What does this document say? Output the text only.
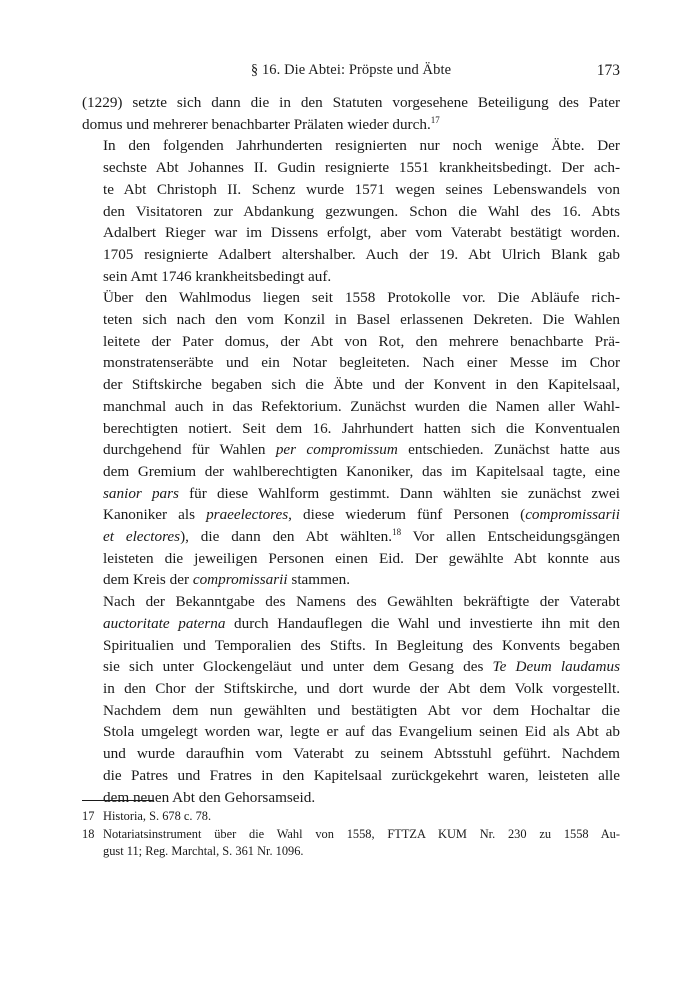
§ 16. Die Abtei: Pröpste und Äbte	173

(1229) setzte sich dann die in den Statuten vorgesehene Beteiligung des Pater
domus und mehrerer benachbarter Prälaten wieder durch.$^{17}$

In den folgenden Jahrhunderten resignierten nur noch wenige Äbte. Der
sechste Abt Johannes II. Gudin resignierte 1551 krankheitsbedingt. Der ach-
te Abt Christoph II. Schenz wurde 1571 wegen seines Lebenswandels von
den Visitatoren zur Abdankung gezwungen. Schon die Wahl des 16. Abts
Adalbert Rieger war im Dissens erfolgt, aber vom Vaterabt bestätigt worden.
1705 resignierte Adalbert altershalber. Auch der 19. Abt Ulrich Blank gab
sein Amt 1746 krankheitsbedingt auf.

Über den Wahlmodus liegen seit 1558 Protokolle vor. Die Abläufe rich-
teten sich nach den vom Konzil in Basel erlassenen Dekreten. Die Wahlen
leitete der Pater domus, der Abt von Rot, den mehrere benachbarte Prä-
monstratenseräbte und ein Notar begleiteten. Nach einer Messe im Chor
der Stiftskirche begaben sich die Äbte und der Konvent in den Kapitelsaal,
manchmal auch in das Refektorium. Zunächst wurden die Namen aller Wahl-
berechtigten notiert. Seit dem 16. Jahrhundert hatten sich die Konventualen
durchgehend für Wahlen per compromissum entschieden. Zunächst hatte aus
dem Gremium der wahlberechtigten Kanoniker, das im Kapitelsaal tagte, eine
sanior pars für diese Wahlform gestimmt. Dann wählten sie zunächst zwei
Kanoniker als praeelectores, diese wiederum fünf Personen (compromissarii
et electores), die dann den Abt wählten.$^{18}$ Vor allen Entscheidungsgängen
leisteten die jeweiligen Personen einen Eid. Der gewählte Abt konnte aus
dem Kreis der compromissarii stammen.

Nach der Bekanntgabe des Namens des Gewählten bekräftigte der Vaterabt
auctoritate paterna durch Handauflegen die Wahl und investierte ihn mit den
Spiritualien und Temporalien des Stifts. In Begleitung des Konvents begaben
sie sich unter Glockengeläut und unter dem Gesang des Te Deum laudamus
in den Chor der Stiftskirche, und dort wurde der Abt dem Volk vorgestellt.
Nachdem dem nun gewählten und bestätigten Abt vor dem Hochaltar die
Stola umgelegt worden war, legte er auf das Evangelium seinen Eid als Abt ab
und wurde daraufhin vom Vaterabt zu seinem Abtsstuhl geführt. Nachdem
die Patres und Fratres in den Kapitelsaal zurückgekehrt waren, leisteten alle
dem neuen Abt den Gehorsamseid.

17 Historia, S. 678 c. 78.
18 Notariatsinstrument über die Wahl von 1558, FTTZA KUM Nr. 230 zu 1558 Au-
gust 11; Reg. Marchtal, S. 361 Nr. 1096.
